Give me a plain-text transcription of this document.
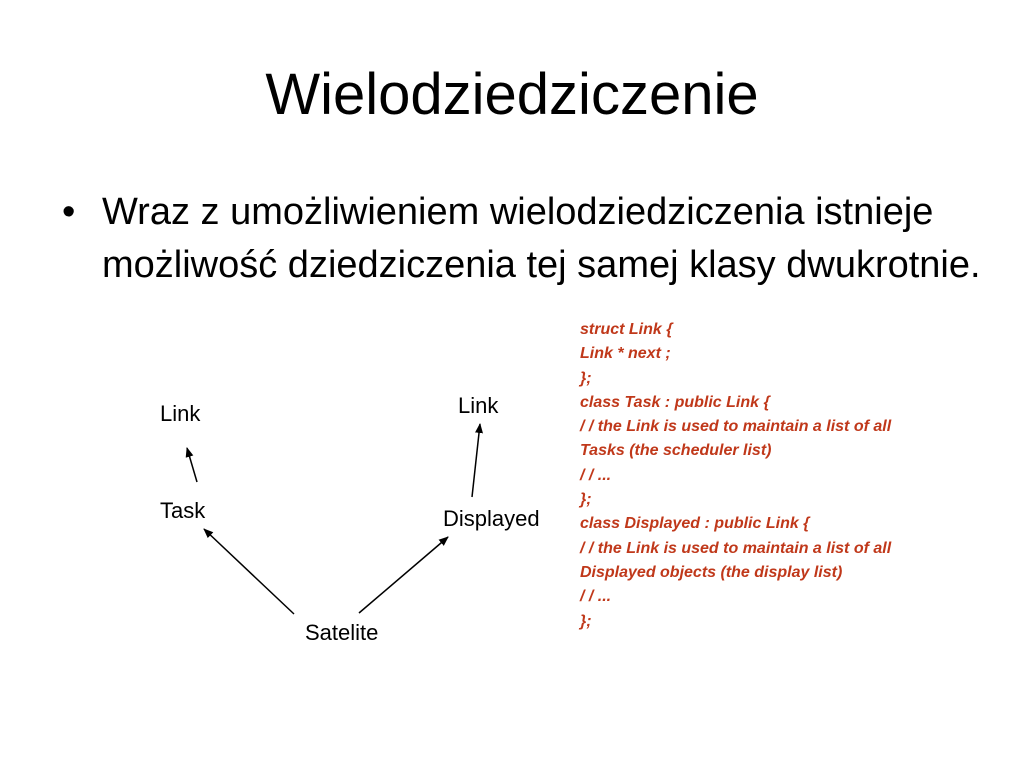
Wielodziedziczenie
• Wraz z umożliwieniem wielodziedziczenia istnieje możliwość dziedziczenia tej samej klasy dwukrotnie.
Link
Task
Link
Displayed
Satelite
struct Link {
Link * next ;
};
class Task : public Link {
/ / the Link is used to maintain a list of all
Tasks (the scheduler list)
/ / ...
};
class Displayed : public Link {
/ / the Link is used to maintain a list of all
Displayed objects (the display list)
/ / ...
};
